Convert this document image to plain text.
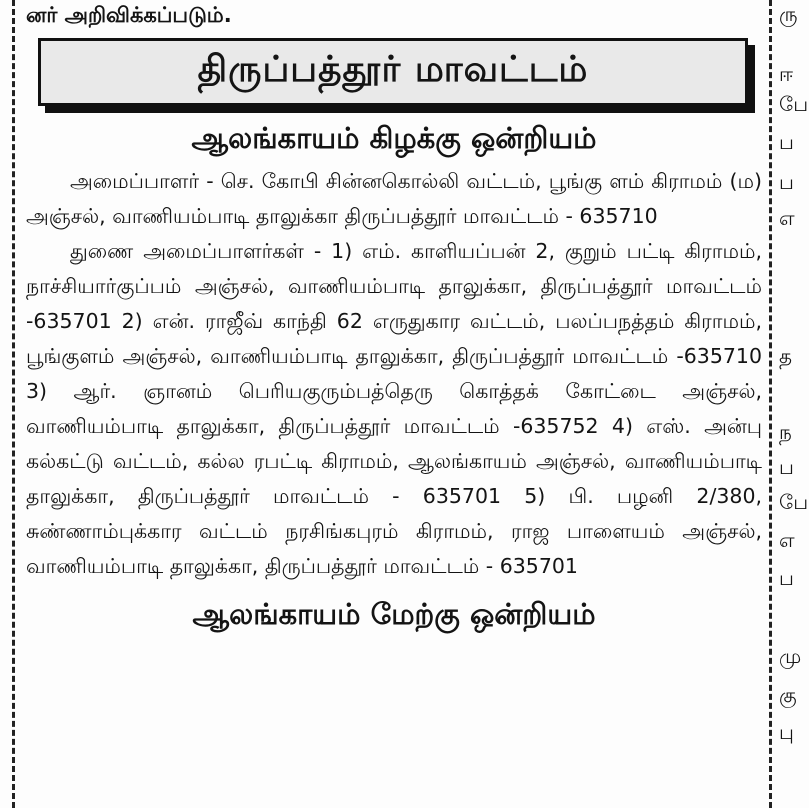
னர் அறிவிக்கப்படும்.
திருப்பத்தூர் மாவட்டம்
ஆலங்காயம் கிழக்கு ஒன்றியம்

அமைப்பாளர் - செ. கோபி சின்னகொல்லி வட்டம், பூங்கு ளம் கிராமம் (ம) அஞ்சல், வாணியம்பாடி தாலுக்கா திருப்பத்தூர் மாவட்டம் - 635710

துணை அமைப்பாளர்கள் - 1) எம். காளியப்பன் 2, குறும் பட்டி கிராமம், நாச்சியார்குப்பம் அஞ்சல், வாணியம்பாடி தாலுக்கா, திருப்பத்தூர் மாவட்டம் -635701 2) என். ராஜீவ் காந்தி 62 எருதுகார வட்டம், பலப்பநத்தம் கிராமம், பூங்குளம் அஞ்சல், வாணியம்பாடி தாலுக்கா, திருப்பத்தூர் மாவட்டம் -635710 3) ஆர். ஞானம் பெரியகுரும்பத்தெரு கொத்தக் கோட்டை அஞ்சல், வாணியம்பாடி தாலுக்கா, திருப்பத்தூர் மாவட்டம் -635752 4) எஸ். அன்பு கல்கட்டு வட்டம், கல்ல ரபட்டி கிராமம், ஆலங்காயம் அஞ்சல், வாணியம்பாடி தாலுக்கா, திருப்பத்தூர் மாவட்டம் - 635701 5) பி. பழனி 2/380, சுண்ணாம்புக்கார வட்டம் நரசிங்கபுரம் கிராமம், ராஜ பாளையம் அஞ்சல், வாணியம்பாடி தாலுக்கா, திருப்பத்தூர் மாவட்டம் - 635701

ஆலங்காயம் மேற்கு ஒன்றியம்
ரு
ஈ
பே
ப
ப
எ
த
ந
ப
பே
எ
ப
மு
கு
பு
